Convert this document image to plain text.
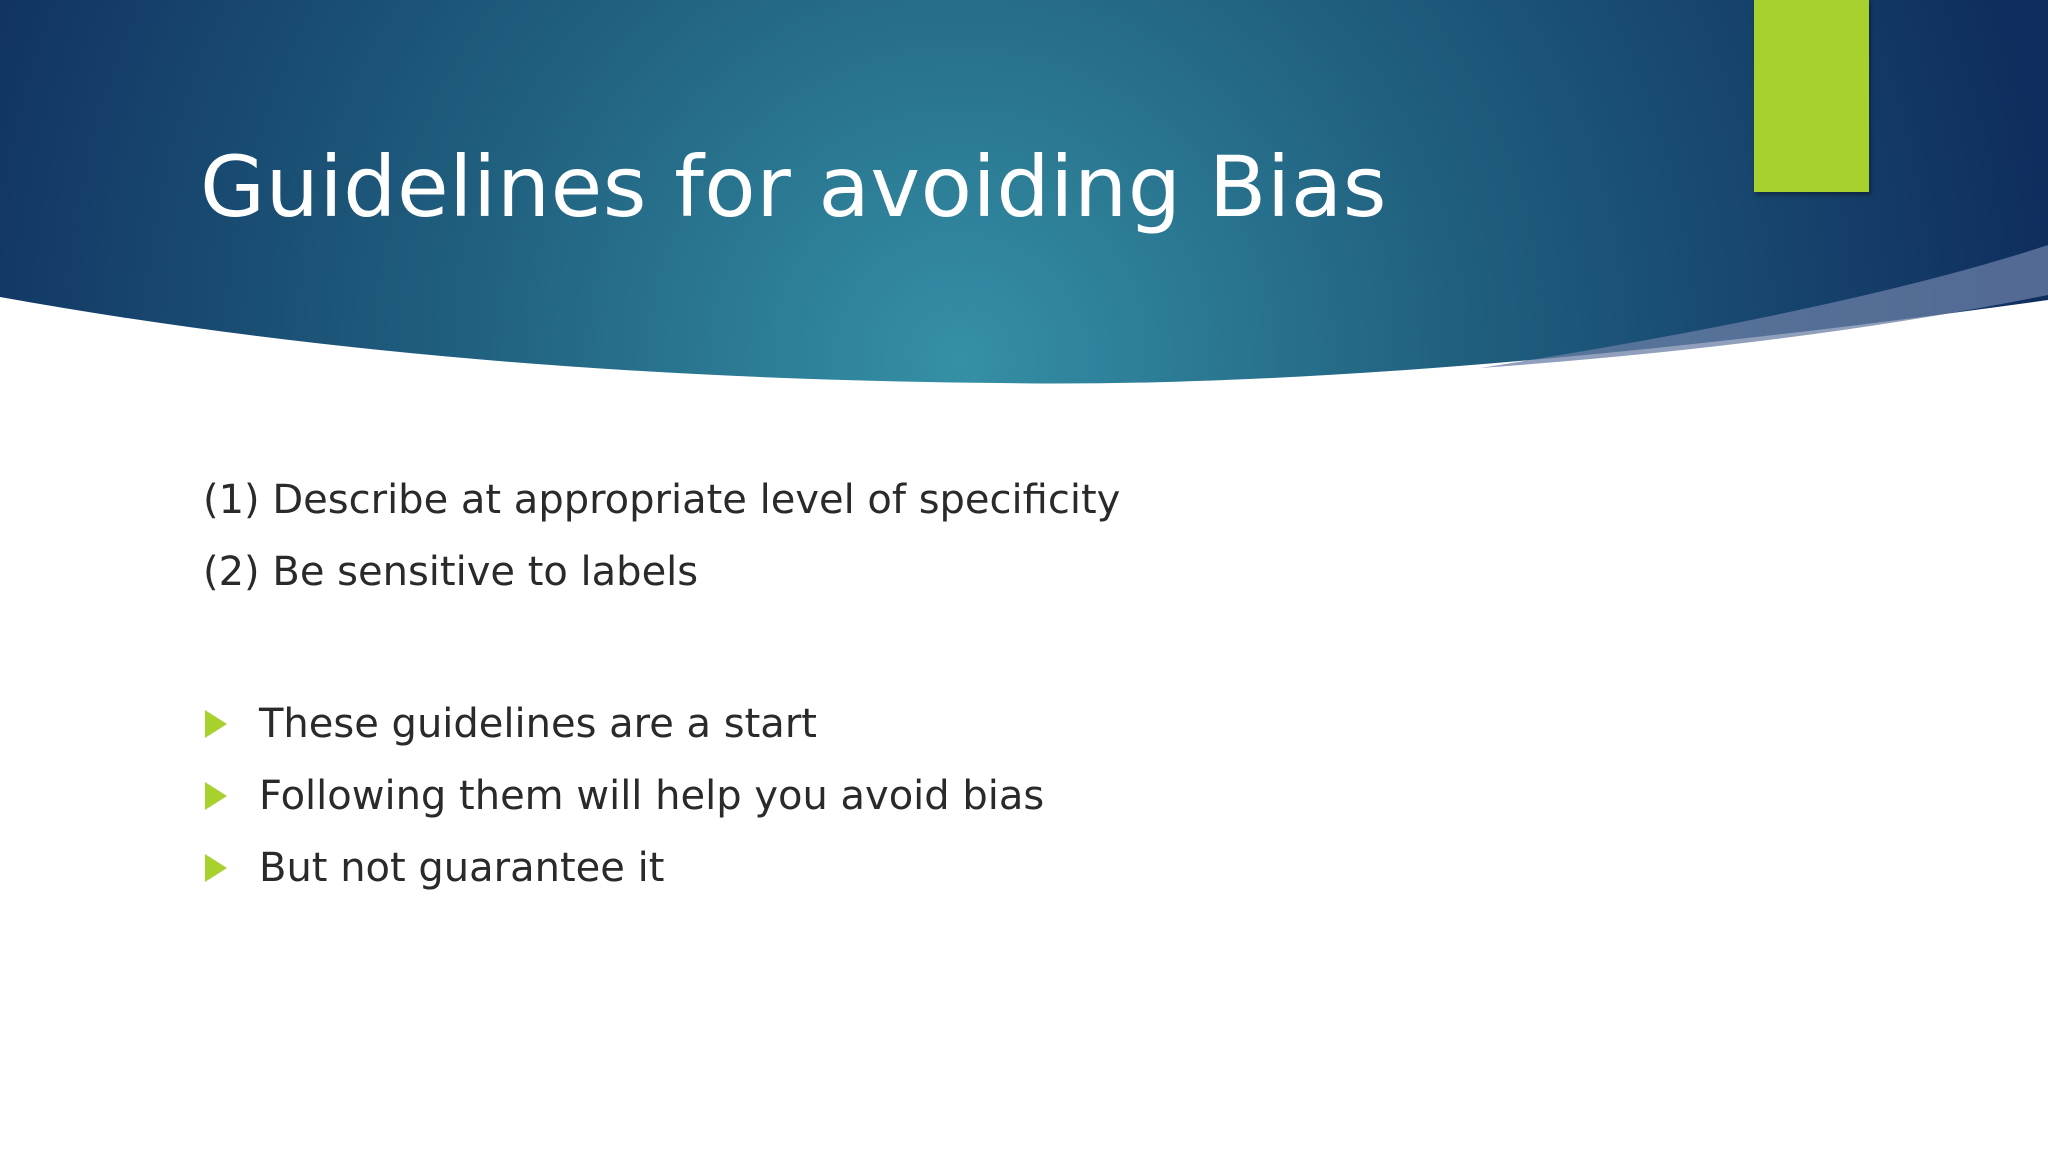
Guidelines for avoiding Bias
(1) Describe at appropriate level of specificity
(2) Be sensitive to labels
These guidelines are a start
Following them will help you avoid bias
But not guarantee it
